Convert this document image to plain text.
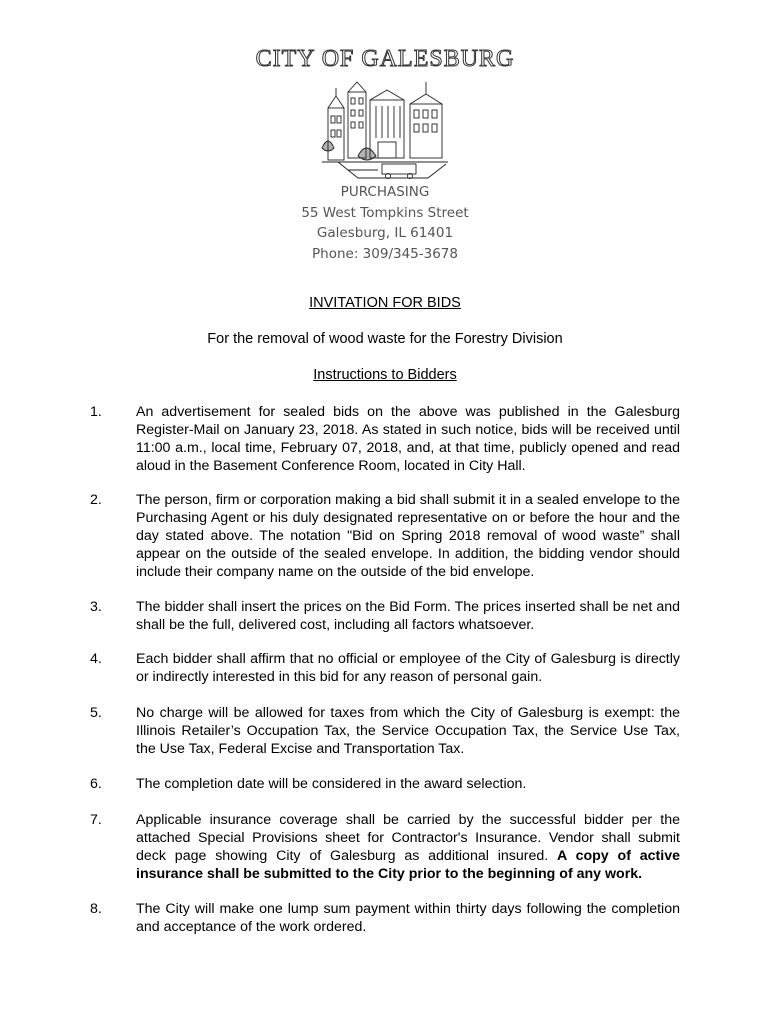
CITY OF GALESBURG
PURCHASING
55 West Tompkins Street
Galesburg, IL 61401
Phone: 309/345-3678
INVITATION FOR BIDS
For the removal of wood waste for the Forestry Division
Instructions to Bidders
1. An advertisement for sealed bids on the above was published in the Galesburg Register-Mail on January 23, 2018. As stated in such notice, bids will be received until 11:00 a.m., local time, February 07, 2018, and, at that time, publicly opened and read aloud in the Basement Conference Room, located in City Hall.
2. The person, firm or corporation making a bid shall submit it in a sealed envelope to the Purchasing Agent or his duly designated representative on or before the hour and the day stated above. The notation "Bid on Spring 2018 removal of wood waste” shall appear on the outside of the sealed envelope. In addition, the bidding vendor should include their company name on the outside of the bid envelope.
3. The bidder shall insert the prices on the Bid Form. The prices inserted shall be net and shall be the full, delivered cost, including all factors whatsoever.
4. Each bidder shall affirm that no official or employee of the City of Galesburg is directly or indirectly interested in this bid for any reason of personal gain.
5. No charge will be allowed for taxes from which the City of Galesburg is exempt: the Illinois Retailer’s Occupation Tax, the Service Occupation Tax, the Service Use Tax, the Use Tax, Federal Excise and Transportation Tax.
6. The completion date will be considered in the award selection.
7. Applicable insurance coverage shall be carried by the successful bidder per the attached Special Provisions sheet for Contractor's Insurance. Vendor shall submit deck page showing City of Galesburg as additional insured. A copy of active insurance shall be submitted to the City prior to the beginning of any work.
8. The City will make one lump sum payment within thirty days following the completion and acceptance of the work ordered.
